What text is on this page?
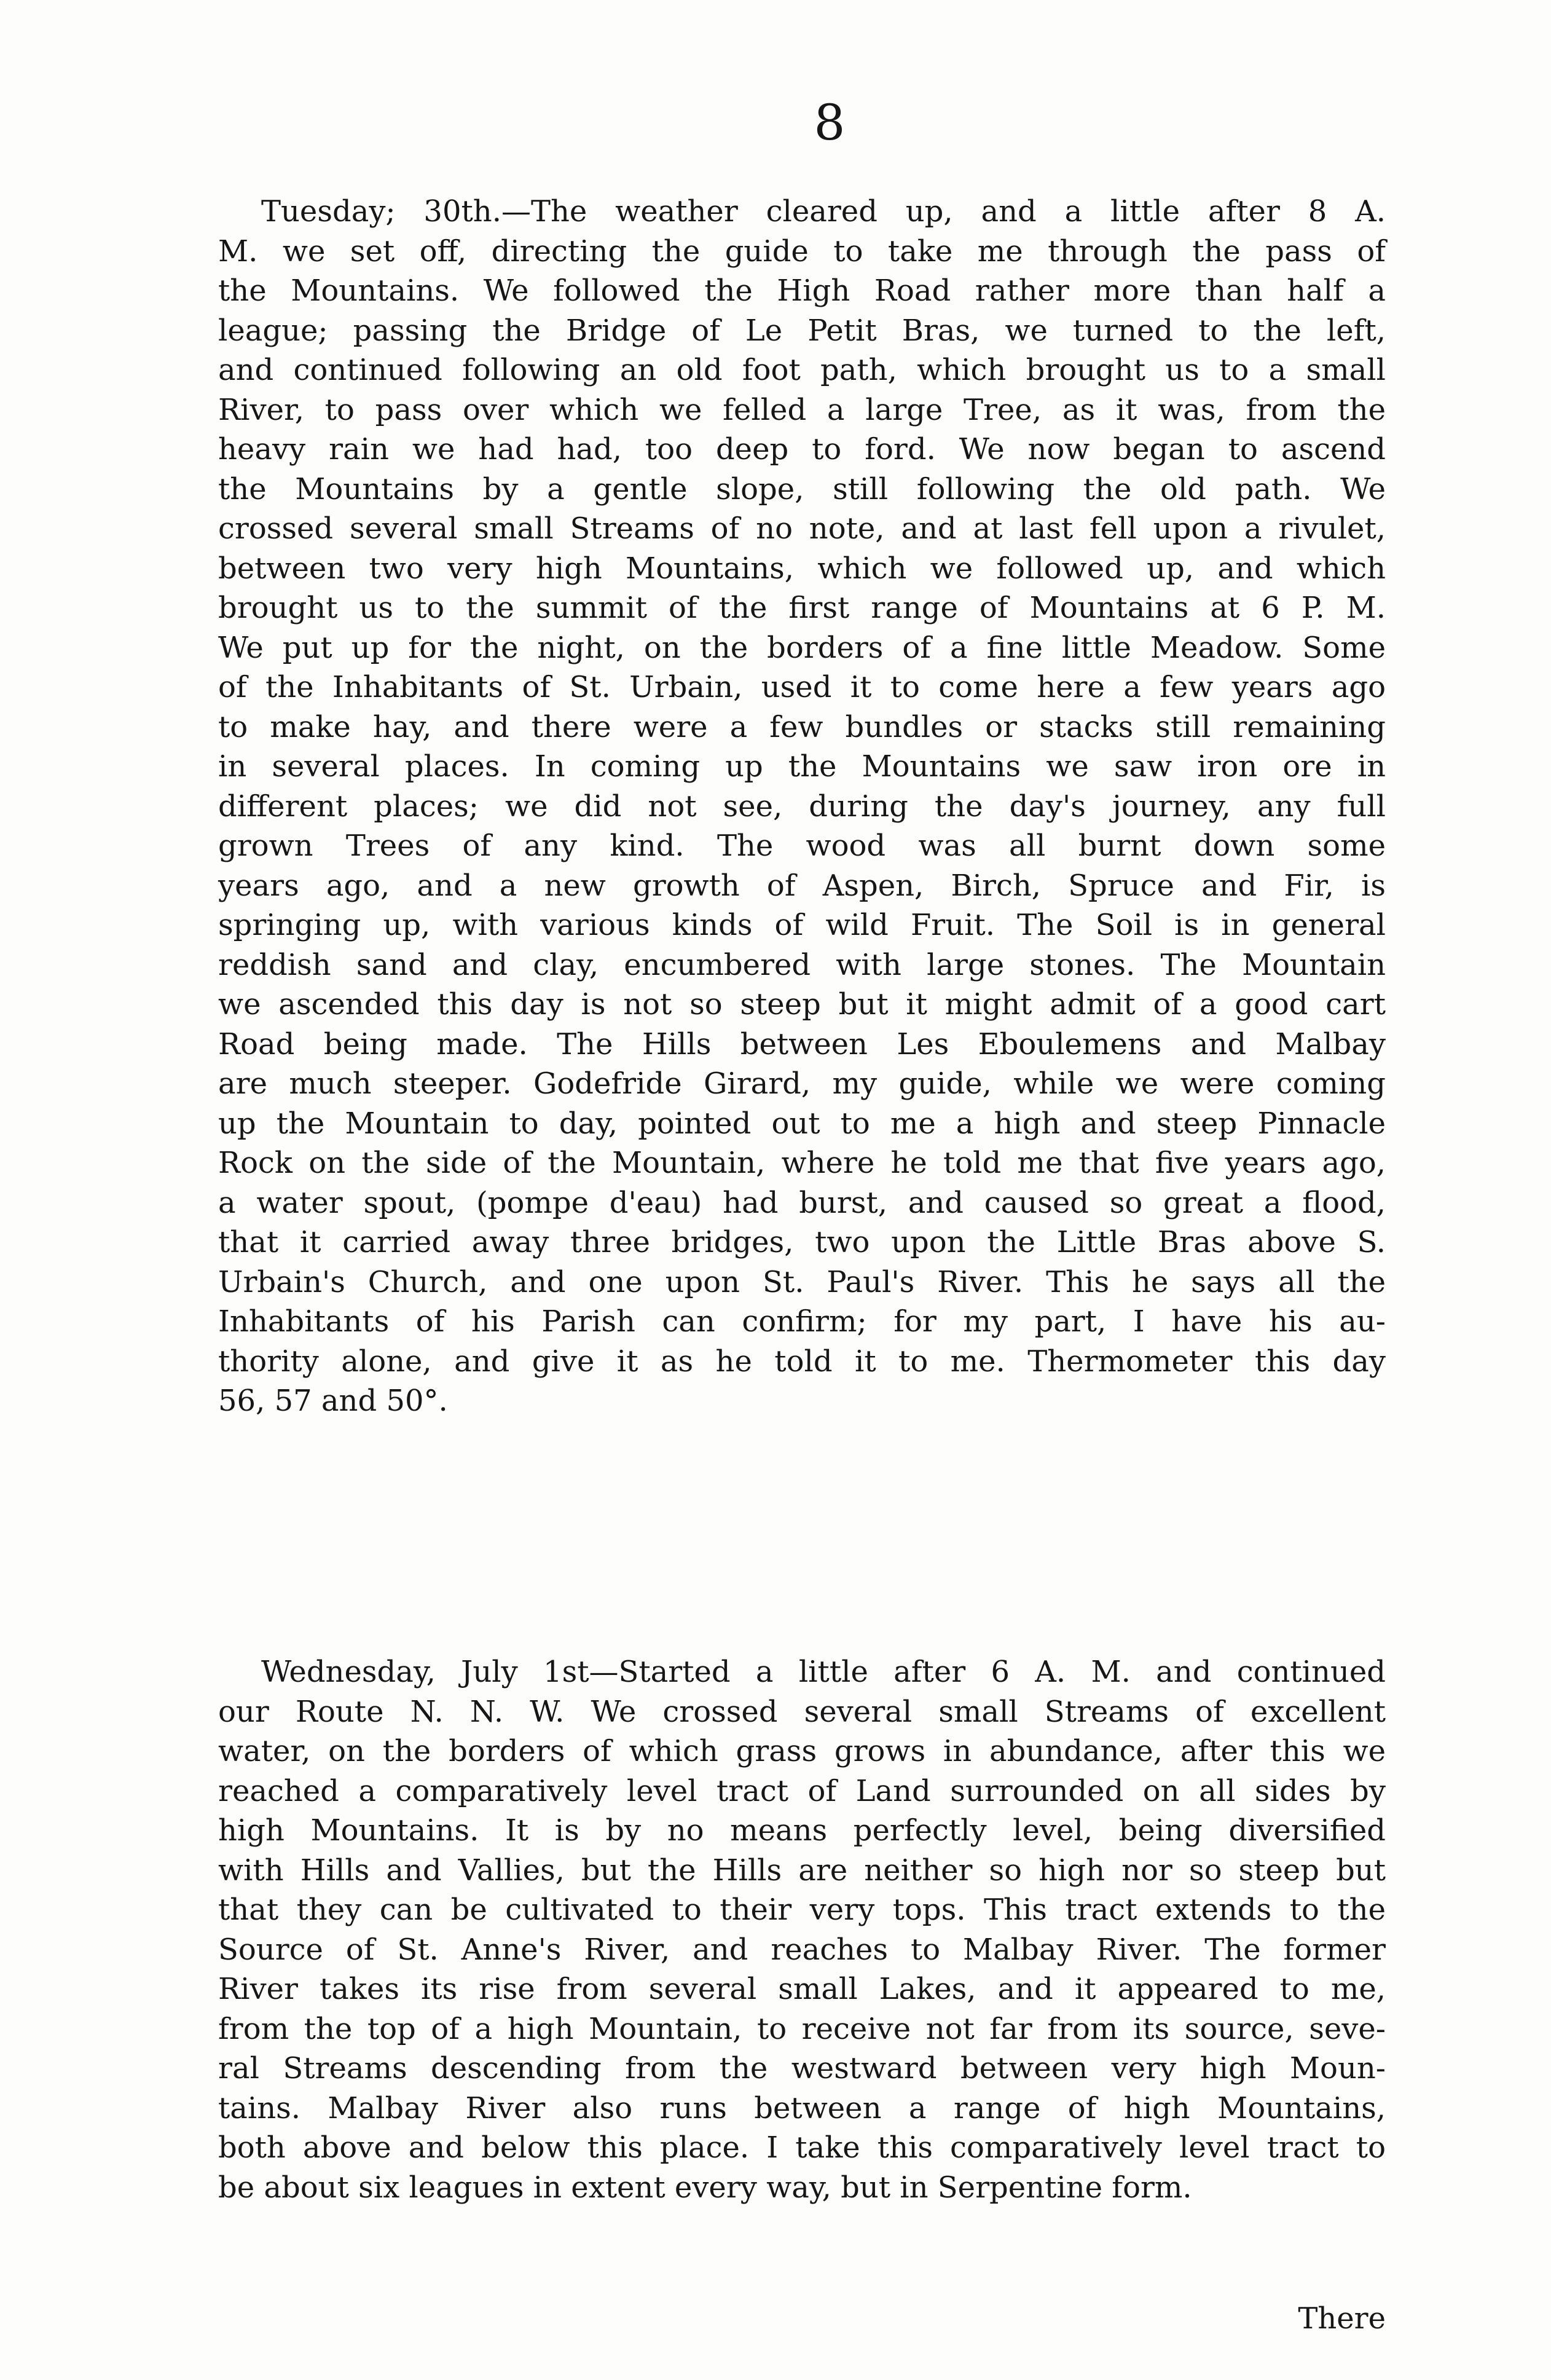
8
Tuesday; 30th.—The weather cleared up, and a little after 8 A.
M. we set off, directing the guide to take me through the pass of
the Mountains. We followed the High Road rather more than half a
league; passing the Bridge of Le Petit Bras, we turned to the left,
and continued following an old foot path, which brought us to a small
River, to pass over which we felled a large Tree, as it was, from the
heavy rain we had had, too deep to ford. We now began to ascend
the Mountains by a gentle slope, still following the old path. We
crossed several small Streams of no note, and at last fell upon a rivulet,
between two very high Mountains, which we followed up, and which
brought us to the summit of the first range of Mountains at 6 P. M.
We put up for the night, on the borders of a fine little Meadow. Some
of the Inhabitants of St. Urbain, used it to come here a few years ago
to make hay, and there were a few bundles or stacks still remaining
in several places. In coming up the Mountains we saw iron ore in
different places; we did not see, during the day's journey, any full
grown Trees of any kind. The wood was all burnt down some
years ago, and a new growth of Aspen, Birch, Spruce and Fir, is
springing up, with various kinds of wild Fruit. The Soil is in general
reddish sand and clay, encumbered with large stones. The Mountain
we ascended this day is not so steep but it might admit of a good cart
Road being made. The Hills between Les Eboulemens and Malbay
are much steeper. Godefride Girard, my guide, while we were coming
up the Mountain to day, pointed out to me a high and steep Pinnacle
Rock on the side of the Mountain, where he told me that five years ago,
a water spout, (pompe d'eau) had burst, and caused so great a flood,
that it carried away three bridges, two upon the Little Bras above S.
Urbain's Church, and one upon St. Paul's River. This he says all the
Inhabitants of his Parish can confirm; for my part, I have his au-
thority alone, and give it as he told it to me. Thermometer this day
56, 57 and 50°.
Wednesday, July 1st—Started a little after 6 A. M. and continued
our Route N. N. W. We crossed several small Streams of excellent
water, on the borders of which grass grows in abundance, after this we
reached a comparatively level tract of Land surrounded on all sides by
high Mountains. It is by no means perfectly level, being diversified
with Hills and Vallies, but the Hills are neither so high nor so steep but
that they can be cultivated to their very tops. This tract extends to the
Source of St. Anne's River, and reaches to Malbay River. The former
River takes its rise from several small Lakes, and it appeared to me,
from the top of a high Mountain, to receive not far from its source, seve-
ral Streams descending from the westward between very high Moun-
tains. Malbay River also runs between a range of high Mountains,
both above and below this place. I take this comparatively level tract to
be about six leagues in extent every way, but in Serpentine form.
There
